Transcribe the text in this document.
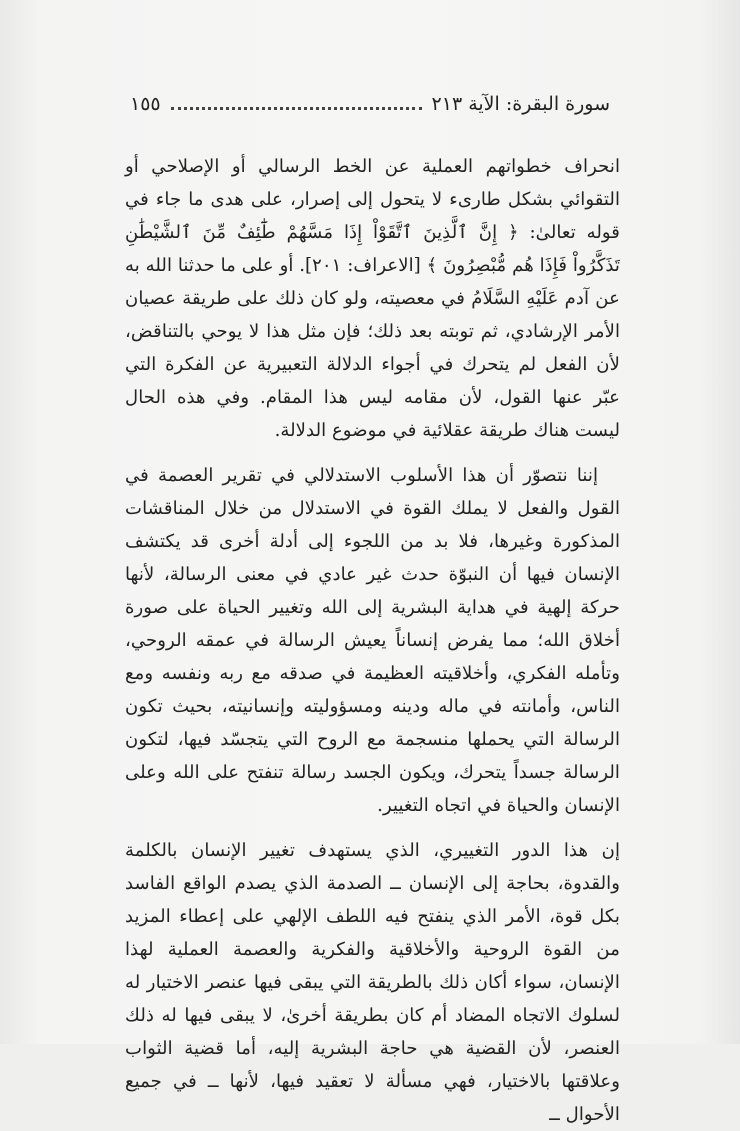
سورة البقرة: الآية ٢١٣
١٥٥

انحراف خطواتهم العملية عن الخط الرسالي أو الإصلاحي أو التقوائي بشكل طارىء لا يتحول إلى إصرار، على هدى ما جاء في قوله تعالىٰ: ﴿ إِنَّ ٱلَّذِينَ ٱتَّقَوْاْ إِذَا مَسَّهُمْ طَٰٓئِفٌ مِّنَ ٱلشَّيْطَٰنِ تَذَكَّرُواْ فَإِذَا هُم مُّبْصِرُونَ ﴾ [الاعراف: ٢٠١]. أو على ما حدثنا الله به عن آدم عَلَيْهِ السَّلَامُ في معصيته، ولو كان ذلك على طريقة عصيان الأمر الإرشادي، ثم توبته بعد ذلك؛ فإن مثل هذا لا يوحي بالتناقض، لأن الفعل لم يتحرك في أجواء الدلالة التعبيرية عن الفكرة التي عبّر عنها القول، لأن مقامه ليس هذا المقام. وفي هذه الحال ليست هناك طريقة عقلائية في موضوع الدلالة.

إننا نتصوّر أن هذا الأسلوب الاستدلالي في تقرير العصمة في القول والفعل لا يملك القوة في الاستدلال من خلال المناقشات المذكورة وغيرها، فلا بد من اللجوء إلى أدلة أخرى قد يكتشف الإنسان فيها أن النبوّة حدث غير عادي في معنى الرسالة، لأنها حركة إلهية في هداية البشرية إلى الله وتغيير الحياة على صورة أخلاق الله؛ مما يفرض إنساناً يعيش الرسالة في عمقه الروحي، وتأمله الفكري، وأخلاقيته العظيمة في صدقه مع ربه ونفسه ومع الناس، وأمانته في ماله ودينه ومسؤوليته وإنسانيته، بحيث تكون الرسالة التي يحملها منسجمة مع الروح التي يتجسّد فيها، لتكون الرسالة جسداً يتحرك، ويكون الجسد رسالة تنفتح على الله وعلى الإنسان والحياة في اتجاه التغيير.

إن هذا الدور التغييري، الذي يستهدف تغيير الإنسان بالكلمة والقدوة، بحاجة إلى الإنسان ــ الصدمة الذي يصدم الواقع الفاسد بكل قوة، الأمر الذي ينفتح فيه اللطف الإلهي على إعطاء المزيد من القوة الروحية والأخلاقية والفكرية والعصمة العملية لهذا الإنسان، سواء أكان ذلك بالطريقة التي يبقى فيها عنصر الاختيار له لسلوك الاتجاه المضاد أم كان بطريقة أخرىٰ، لا يبقى فيها له ذلك العنصر، لأن القضية هي حاجة البشرية إليه، أما قضية الثواب وعلاقتها بالاختيار، فهي مسألة لا تعقيد فيها، لأنها ــ في جميع الأحوال ــ
